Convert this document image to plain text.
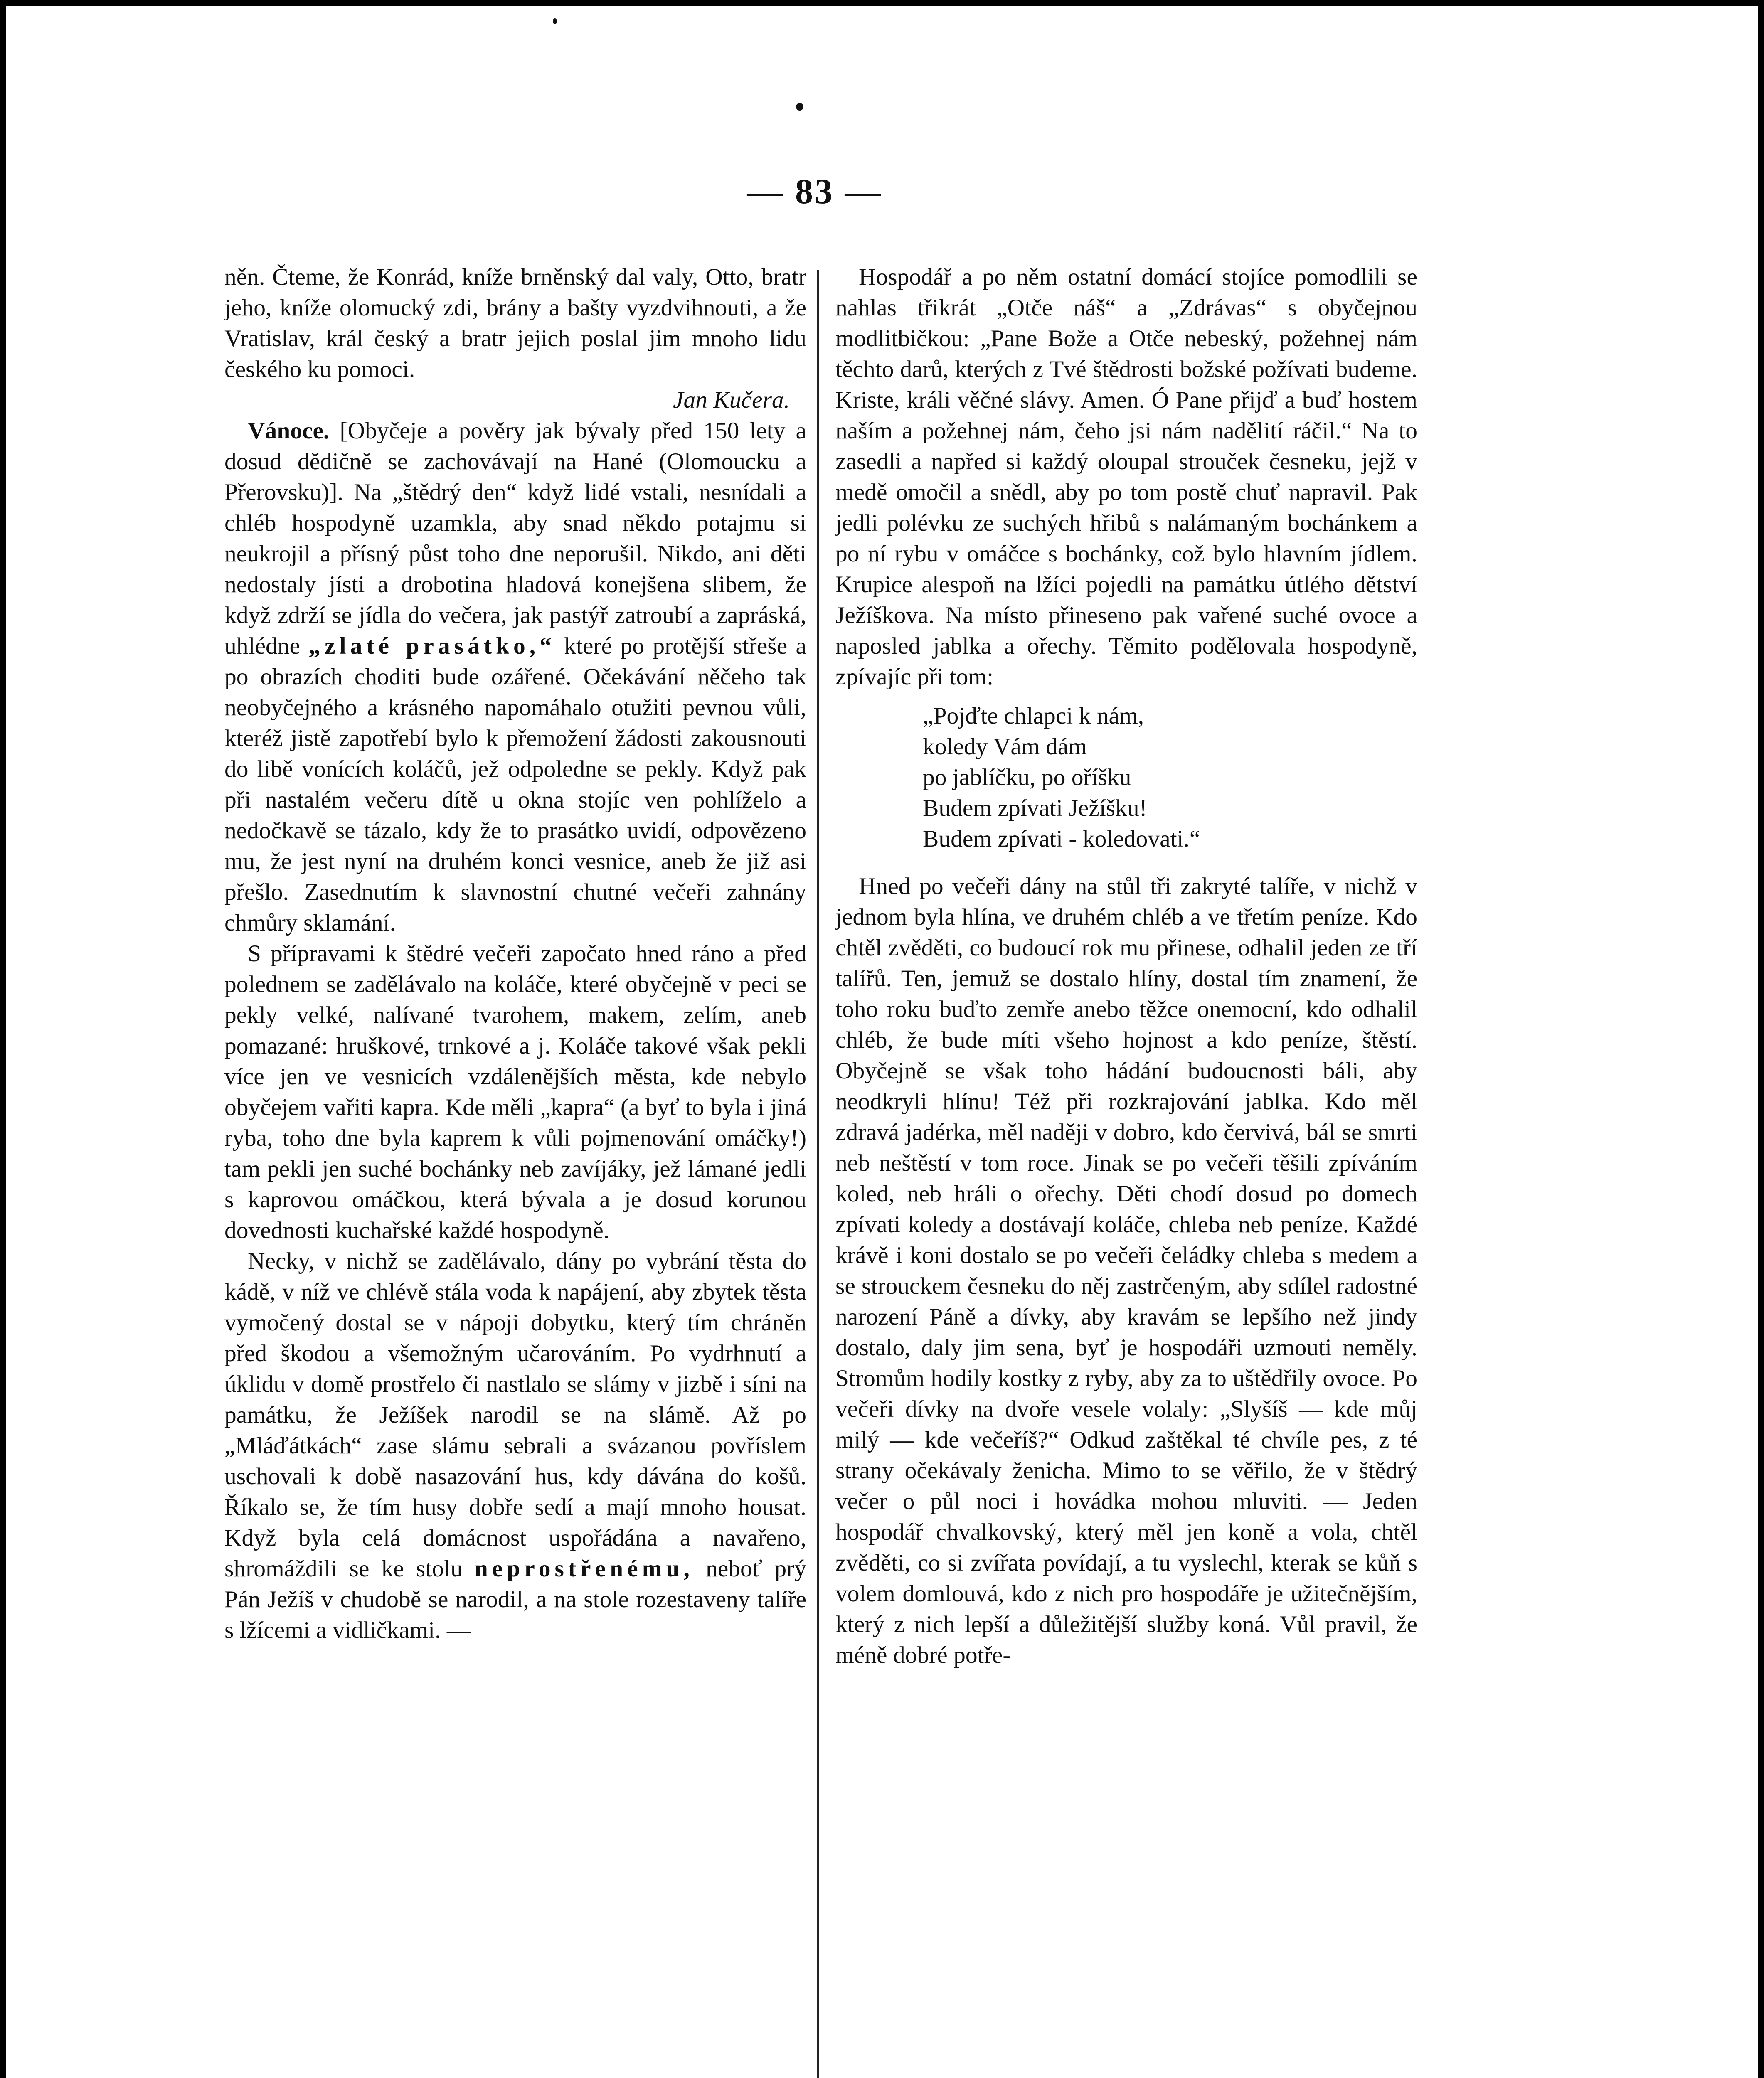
— 83 —

něn. Čteme, že Konrád, kníže brněnský dal valy, Otto, bratr jeho, kníže olomucký zdi, brány a bašty vyzdvihnouti, a že Vratislav, král český a bratr jejich poslal jim mnoho lidu českého ku pomoci.

Jan Kučera.

Vánoce. [Obyčeje a pověry jak bývaly před 150 lety a dosud dědičně se zachovávají na Hané (Olomoucku a Přerovsku)]. Na „štědrý den“ když lidé vstali, nesnídali a chléb hospodyně uzamkla, aby snad někdo potajmu si neukrojil a přísný půst toho dne neporušil. Nikdo, ani děti nedostaly jísti a drobotina hladová konejšena slibem, že když zdrží se jídla do večera, jak pastýř zatroubí a zapráská, uhlédne „zlaté prasátko,“ které po protější střeše a po obrazích choditi bude ozářené. Očekávání něčeho tak neobyčejného a krásného napomáhalo otužiti pevnou vůli, kteréž jistě zapotřebí bylo k přemožení žádosti zakousnouti do libě vonících koláčů, jež odpoledne se pekly. Když pak při nastalém večeru dítě u okna stojíc ven pohlíželo a nedočkavě se tázalo, kdy že to prasátko uvidí, odpovězeno mu, že jest nyní na druhém konci vesnice, aneb že již asi přešlo. Zasednutím k slavnostní chutné večeři zahnány chmůry sklamání.

S přípravami k štědré večeři započato hned ráno a před polednem se zadělávalo na koláče, které obyčejně v peci se pekly velké, nalívané tvarohem, makem, zelím, aneb pomazané: hruškové, trnkové a j. Koláče takové však pekli více jen ve vesnicích vzdálenějších města, kde nebylo obyčejem vařiti kapra. Kde měli „kapra“ (a byť to byla i jiná ryba, toho dne byla kaprem k vůli pojmenování omáčky!) tam pekli jen suché bochánky neb zavíjáky, jež lámané jedli s kaprovou omáčkou, která bývala a je dosud korunou dovednosti kuchařské každé hospodyně.

Necky, v nichž se zadělávalo, dány po vybrání těsta do kádě, v níž ve chlévě stála voda k napájení, aby zbytek těsta vymočený dostal se v nápoji dobytku, který tím chráněn před škodou a všemožným učarováním. Po vydrhnutí a úklidu v domě prostřelo či nastlalo se slámy v jizbě i síni na památku, že Ježíšek narodil se na slámě. Až po „Mláďátkách“ zase slámu sebrali a svázanou povříslem uschovali k době nasazování hus, kdy dávána do košů. Říkalo se, že tím husy dobře sedí a mají mnoho housat. Když byla celá domácnost uspořádána a navařeno, shromáždili se ke stolu neprostřenému, neboť prý Pán Ježíš v chudobě se narodil, a na stole rozestaveny talíře s lžícemi a vidličkami. —

Hospodář a po něm ostatní domácí stojíce pomodlili se nahlas třikrát „Otče náš“ a „Zdrávas“ s obyčejnou modlitbičkou: „Pane Bože a Otče nebeský, požehnej nám těchto darů, kterých z Tvé štědrosti božské požívati budeme. Kriste, králi věčné slávy. Amen. Ó Pane přijď a buď hostem naším a požehnej nám, čeho jsi nám nadělití ráčil.“ Na to zasedli a napřed si každý oloupal strouček česneku, jejž v medě omočil a snědl, aby po tom postě chuť napravil. Pak jedli polévku ze suchých hřibů s nalámaným bochánkem a po ní rybu v omáčce s bochánky, což bylo hlavním jídlem. Krupice alespoň na lžíci pojedli na památku útlého dětství Ježíškova. Na místo přineseno pak vařené suché ovoce a naposled jablka a ořechy. Těmito podělovala hospodyně, zpívajíc při tom:

„Pojďte chlapci k nám,
koledy Vám dám
po jablíčku, po oříšku
Budem zpívati Ježíšku!
Budem zpívati - koledovati.“

Hned po večeři dány na stůl tři zakryté talíře, v nichž v jednom byla hlína, ve druhém chléb a ve třetím peníze. Kdo chtěl zvěděti, co budoucí rok mu přinese, odhalil jeden ze tří talířů. Ten, jemuž se dostalo hlíny, dostal tím znamení, že toho roku buďto zemře anebo těžce onemocní, kdo odhalil chléb, že bude míti všeho hojnost a kdo peníze, štěstí. Obyčejně se však toho hádání budoucnosti báli, aby neodkryli hlínu! Též při rozkrajování jablka. Kdo měl zdravá jadérka, měl naději v dobro, kdo červivá, bál se smrti neb neštěstí v tom roce. Jinak se po večeři těšili zpíváním koled, neb hráli o ořechy. Děti chodí dosud po domech zpívati koledy a dostávají koláče, chleba neb peníze. Každé krávě i koni dostalo se po večeři čeládky chleba s medem a se strouckem česneku do něj zastrčeným, aby sdílel radostné narození Páně a dívky, aby kravám se lepšího než jindy dostalo, daly jim sena, byť je hospodáři uzmouti neměly. Stromům hodily kostky z ryby, aby za to uštědřily ovoce. Po večeři dívky na dvoře vesele volaly: „Slyšíš — kde můj milý — kde večeříš?“ Odkud zaštěkal té chvíle pes, z té strany očekávaly ženicha. Mimo to se věřilo, že v štědrý večer o půl noci i hovádka mohou mluviti. — Jeden hospodář chvalkovský, který měl jen koně a vola, chtěl zvěděti, co si zvířata povídají, a tu vyslechl, kterak se kůň s volem domlouvá, kdo z nich pro hospodáře je užitečnějším, který z nich lepší a důležitější služby koná. Vůl pravil, že méně dobré potře-
